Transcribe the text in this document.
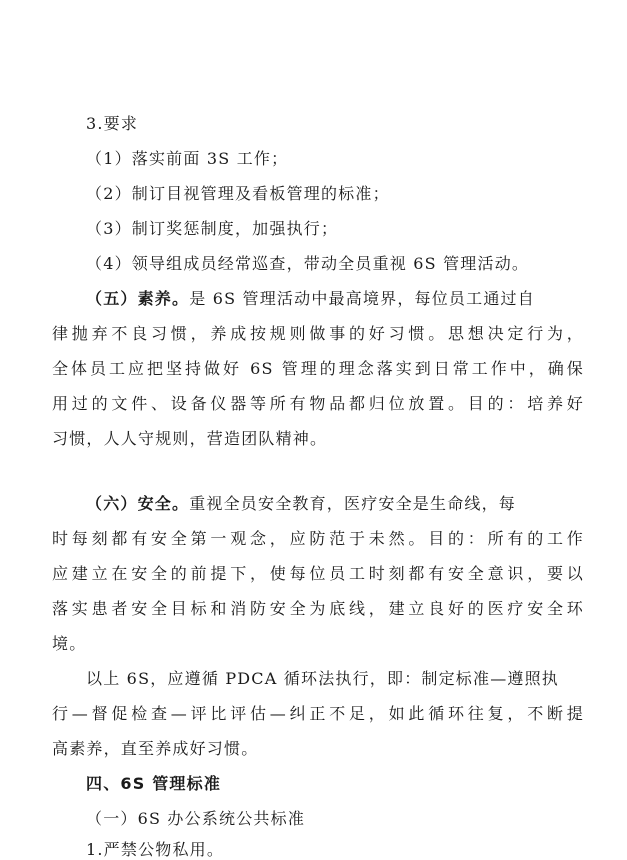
3.要求
（1）落实前面 3S 工作；
（2）制订目视管理及看板管理的标准；
（3）制订奖惩制度，加强执行；
（4）领导组成员经常巡查，带动全员重视 6S 管理活动。
（五）素养。是 6S 管理活动中最高境界，每位员工通过自
律抛弃不良习惯，养成按规则做事的好习惯。思想决定行为，
全体员工应把坚持做好 6S 管理的理念落实到日常工作中，确保
用过的文件、设备仪器等所有物品都归位放置。目的：培养好
习惯，人人守规则，营造团队精神。
（六）安全。重视全员安全教育，医疗安全是生命线，每
时每刻都有安全第一观念，应防范于未然。目的：所有的工作
应建立在安全的前提下，使每位员工时刻都有安全意识，要以
落实患者安全目标和消防安全为底线，建立良好的医疗安全环
境。
以上 6S，应遵循 PDCA 循环法执行，即：制定标准—遵照执
行—督促检查—评比评估—纠正不足，如此循环往复，不断提
高素养，直至养成好习惯。
四、6S 管理标准
（一）6S 办公系统公共标准
1.严禁公物私用。
